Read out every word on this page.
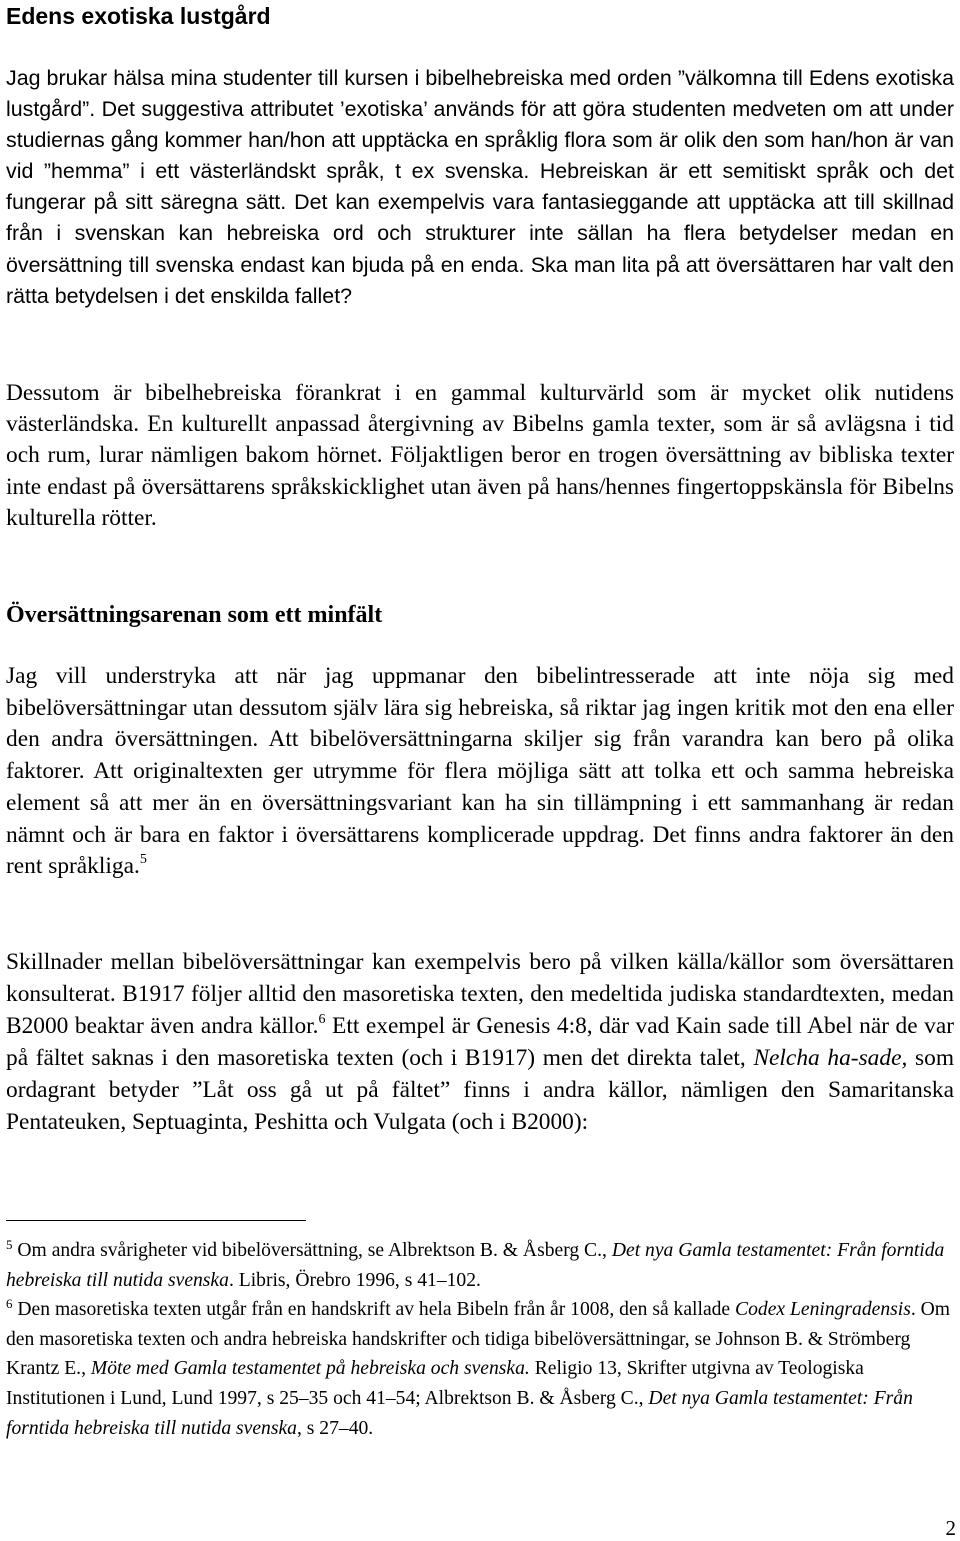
Edens exotiska lustgård

Jag brukar hälsa mina studenter till kursen i bibelhebreiska med orden ”välkomna till Edens exotiska lustgård”. Det suggestiva attributet ’exotiska’ används för att göra studenten medveten om att under studiernas gång kommer han/hon att upptäcka en språklig flora som är olik den som han/hon är van vid ”hemma” i ett västerländskt språk, t ex svenska. Hebreiskan är ett semitiskt språk och det fungerar på sitt säregna sätt. Det kan exempelvis vara fantasieggande att upptäcka att till skillnad från i svenskan kan hebreiska ord och strukturer inte sällan ha flera betydelser medan en översättning till svenska endast kan bjuda på en enda. Ska man lita på att översättaren har valt den rätta betydelsen i det enskilda fallet?

Dessutom är bibelhebreiska förankrat i en gammal kulturvärld som är mycket olik nutidens västerländska. En kulturellt anpassad återgivning av Bibelns gamla texter, som är så avlägsna i tid och rum, lurar nämligen bakom hörnet. Följaktligen beror en trogen översättning av bibliska texter inte endast på översättarens språkskicklighet utan även på hans/hennes fingertoppskänsla för Bibelns kulturella rötter.

Översättningsarenan som ett minfält

Jag vill understryka att när jag uppmanar den bibelintresserade att inte nöja sig med bibelöversättningar utan dessutom själv lära sig hebreiska, så riktar jag ingen kritik mot den ena eller den andra översättningen. Att bibelöversättningarna skiljer sig från varandra kan bero på olika faktorer. Att originaltexten ger utrymme för flera möjliga sätt att tolka ett och samma hebreiska element så att mer än en översättningsvariant kan ha sin tillämpning i ett sammanhang är redan nämnt och är bara en faktor i översättarens komplicerade uppdrag. Det finns andra faktorer än den rent språkliga.$^5$

Skillnader mellan bibelöversättningar kan exempelvis bero på vilken källa/källor som översättaren konsulterat. B1917 följer alltid den masoretiska texten, den medeltida judiska standardtexten, medan B2000 beaktar även andra källor.$^6$ Ett exempel är Genesis 4:8, där vad Kain sade till Abel när de var på fältet saknas i den masoretiska texten (och i B1917) men det direkta talet, Nelcha ha-sade, som ordagrant betyder ”Låt oss gå ut på fältet” finns i andra källor, nämligen den Samaritanska Pentateuken, Septuaginta, Peshitta och Vulgata (och i B2000):

$^5$ Om andra svårigheter vid bibelöversättning, se Albrektson B. & Åsberg C., Det nya Gamla testamentet: Från forntida hebreiska till nutida svenska. Libris, Örebro 1996, s 41–102.

$^6$ Den masoretiska texten utgår från en handskrift av hela Bibeln från år 1008, den så kallade Codex Leningradensis. Om den masoretiska texten och andra hebreiska handskrifter och tidiga bibelöversättningar, se Johnson B. & Strömberg Krantz E., Möte med Gamla testamentet på hebreiska och svenska. Religio 13, Skrifter utgivna av Teologiska Institutionen i Lund, Lund 1997, s 25–35 och 41–54; Albrektson B. & Åsberg C., Det nya Gamla testamentet: Från forntida hebreiska till nutida svenska, s 27–40.

2
